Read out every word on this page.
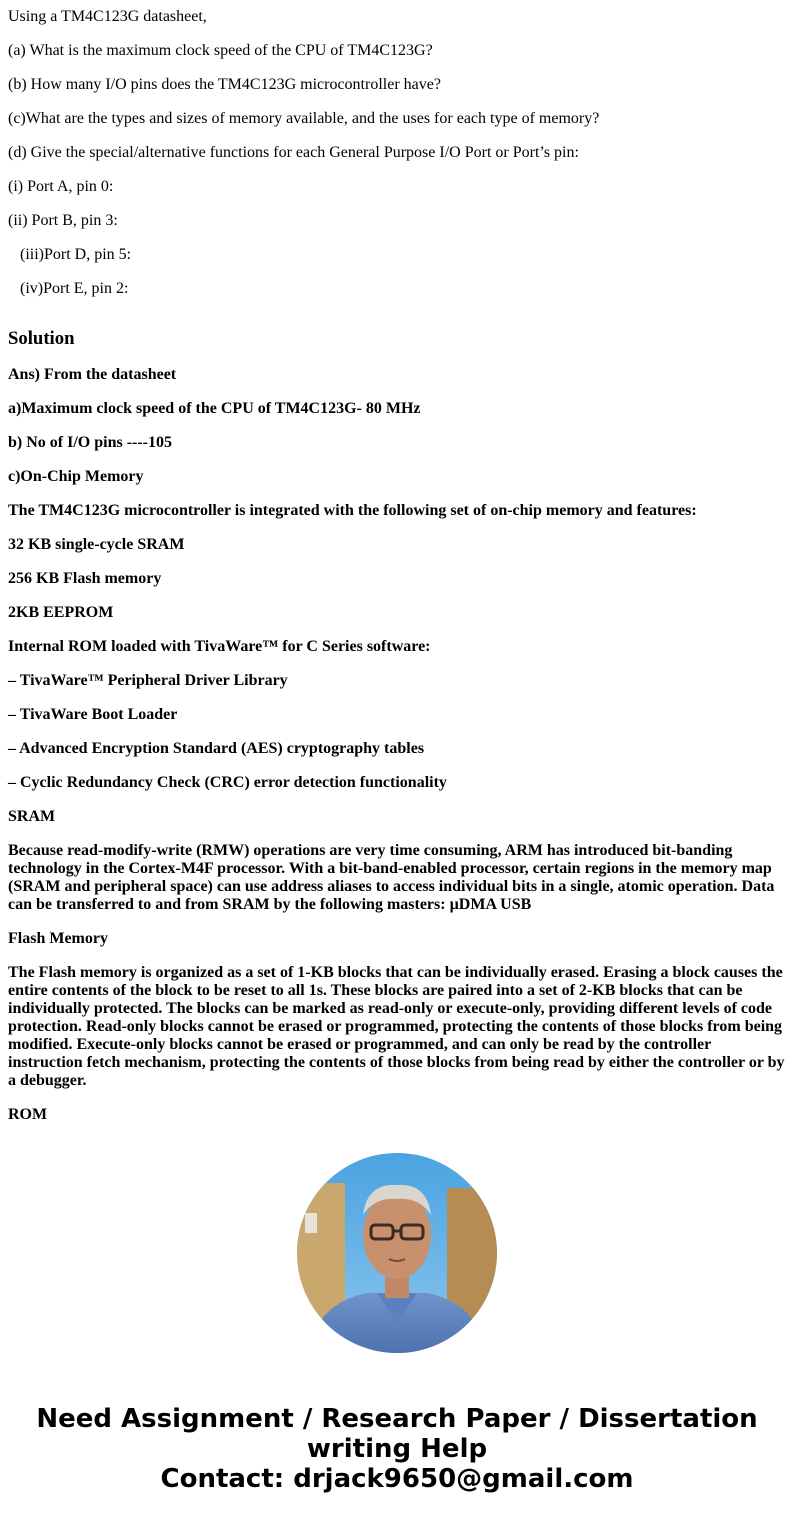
Using a TM4C123G datasheet,

(a) What is the maximum clock speed of the CPU of TM4C123G?

(b) How many I/O pins does the TM4C123G microcontroller have?

(c)What are the types and sizes of memory available, and the uses for each type of memory?

(d) Give the special/alternative functions for each General Purpose I/O Port or Port’s pin:

(i) Port A, pin 0:

(ii) Port B, pin 3:

(iii)Port D, pin 5:

(iv)Port E, pin 2:

Solution

Ans) From the datasheet

a)Maximum clock speed of the CPU of TM4C123G- 80 MHz

b) No of I/O pins ----105

c)On-Chip Memory

The TM4C123G microcontroller is integrated with the following set of on-chip memory and features:

32 KB single-cycle SRAM

256 KB Flash memory

2KB EEPROM

Internal ROM loaded with TivaWare™ for C Series software:

– TivaWare™ Peripheral Driver Library

– TivaWare Boot Loader

– Advanced Encryption Standard (AES) cryptography tables

– Cyclic Redundancy Check (CRC) error detection functionality

SRAM

Because read-modify-write (RMW) operations are very time consuming, ARM has introduced bit-banding technology in the Cortex-M4F processor. With a bit-band-enabled processor, certain regions in the memory map (SRAM and peripheral space) can use address aliases to access individual bits in a single, atomic operation. Data can be transferred to and from SRAM by the following masters: µDMA USB

Flash Memory

The Flash memory is organized as a set of 1-KB blocks that can be individually erased. Erasing a block causes the entire contents of the block to be reset to all 1s. These blocks are paired into a set of 2-KB blocks that can be individually protected. The blocks can be marked as read-only or execute-only, providing different levels of code protection. Read-only blocks cannot be erased or programmed, protecting the contents of those blocks from being modified. Execute-only blocks cannot be erased or programmed, and can only be read by the controller instruction fetch mechanism, protecting the contents of those blocks from being read by either the controller or by a debugger.

ROM

Need Assignment / Research Paper / Dissertation
writing Help
Contact: drjack9650@gmail.com
